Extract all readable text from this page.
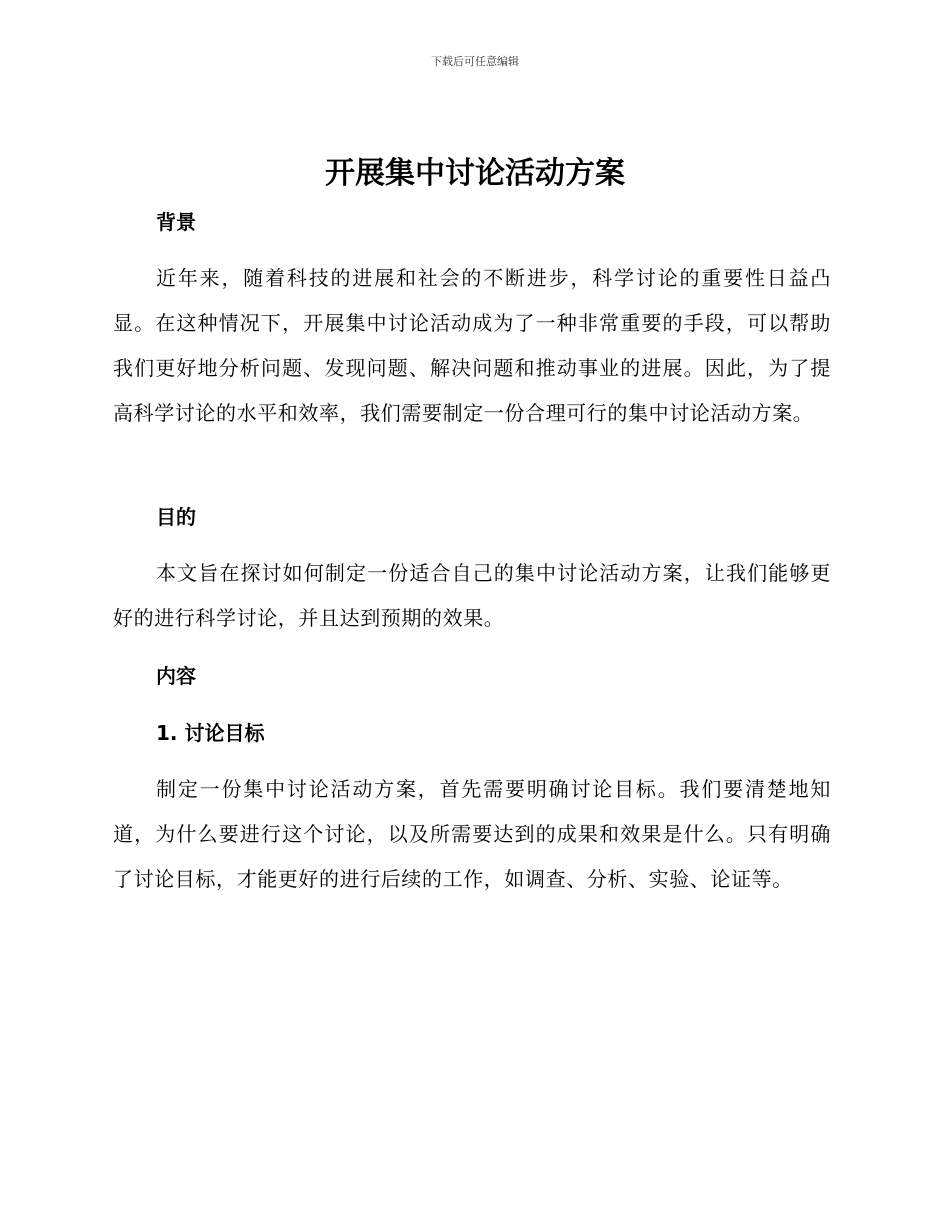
下载后可任意编辑
开展集中讨论活动方案
背景

近年来，随着科技的进展和社会的不断进步，科学讨论的重要性日益凸显。在这种情况下，开展集中讨论活动成为了一种非常重要的手段，可以帮助我们更好地分析问题、发现问题、解决问题和推动事业的进展。因此，为了提高科学讨论的水平和效率，我们需要制定一份合理可行的集中讨论活动方案。

目的

本文旨在探讨如何制定一份适合自己的集中讨论活动方案，让我们能够更好的进行科学讨论，并且达到预期的效果。

内容
1. 讨论目标

制定一份集中讨论活动方案，首先需要明确讨论目标。我们要清楚地知道，为什么要进行这个讨论，以及所需要达到的成果和效果是什么。只有明确了讨论目标，才能更好的进行后续的工作，如调查、分析、实验、论证等。
